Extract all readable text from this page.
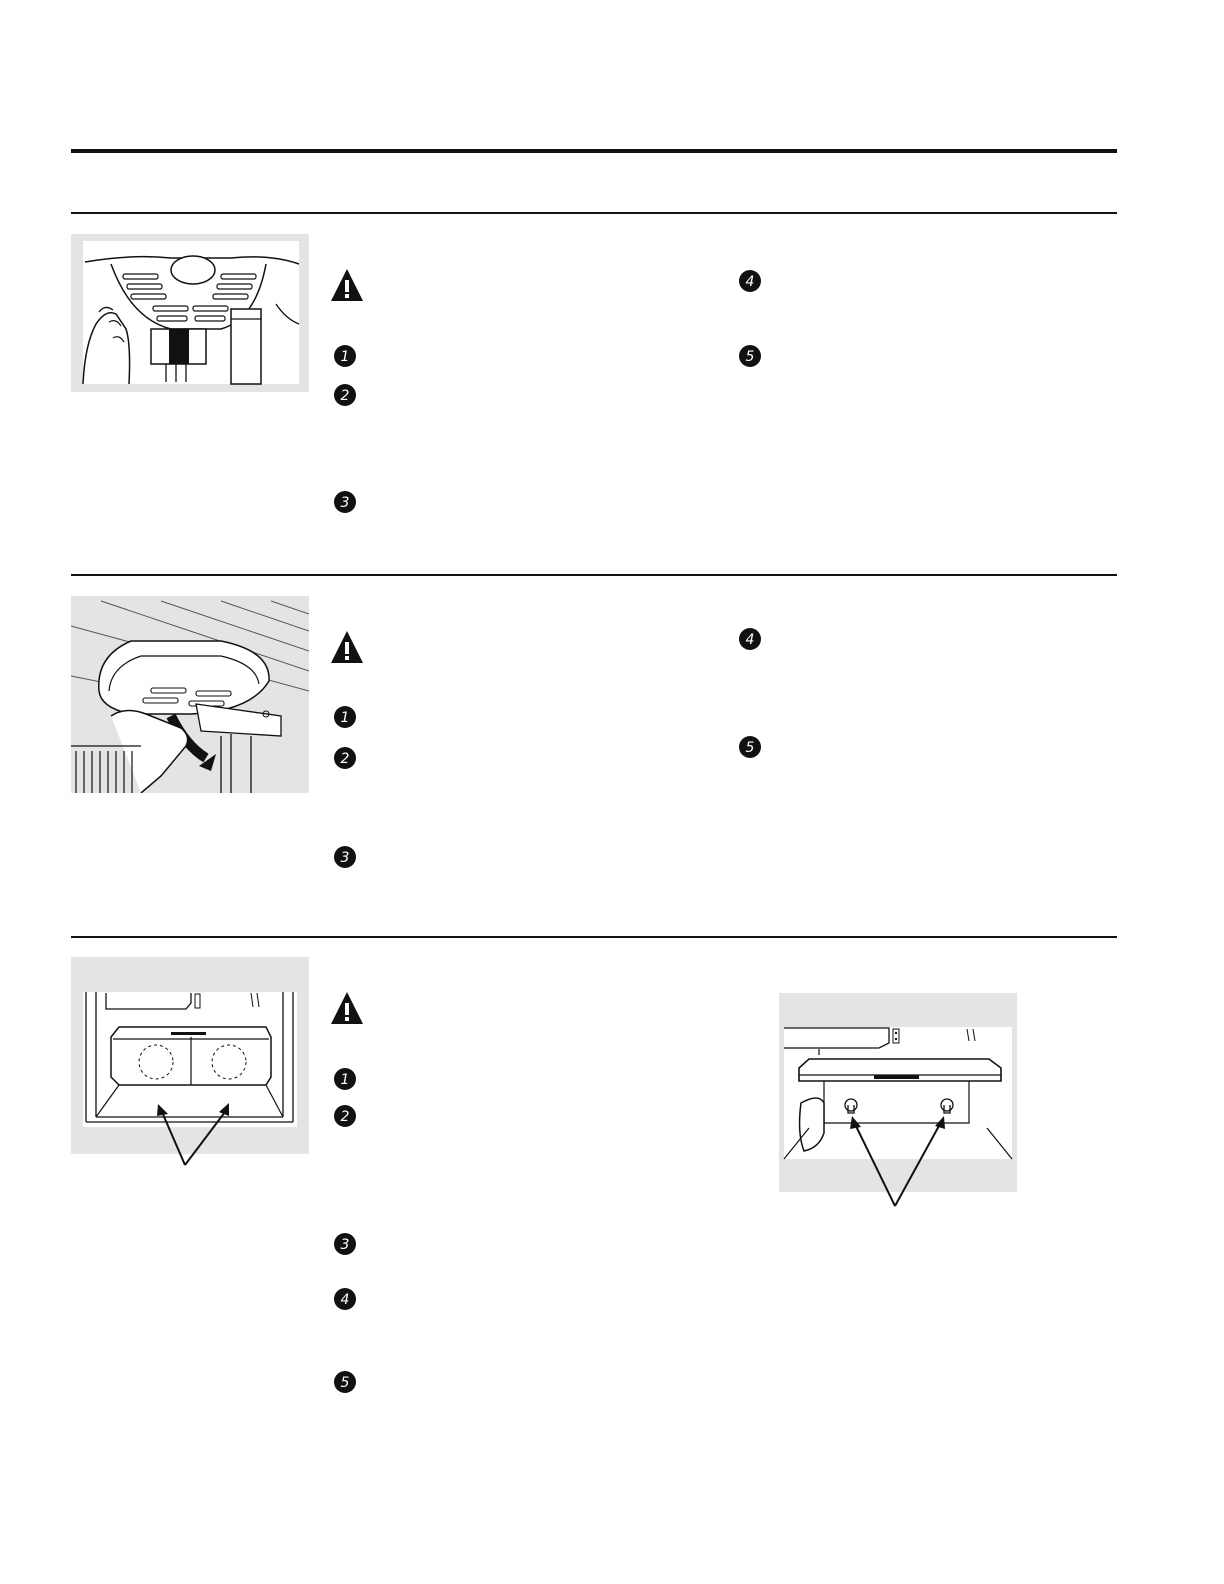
1
2
3
4
5
1
2
3
4
5
1
2
3
4
5
